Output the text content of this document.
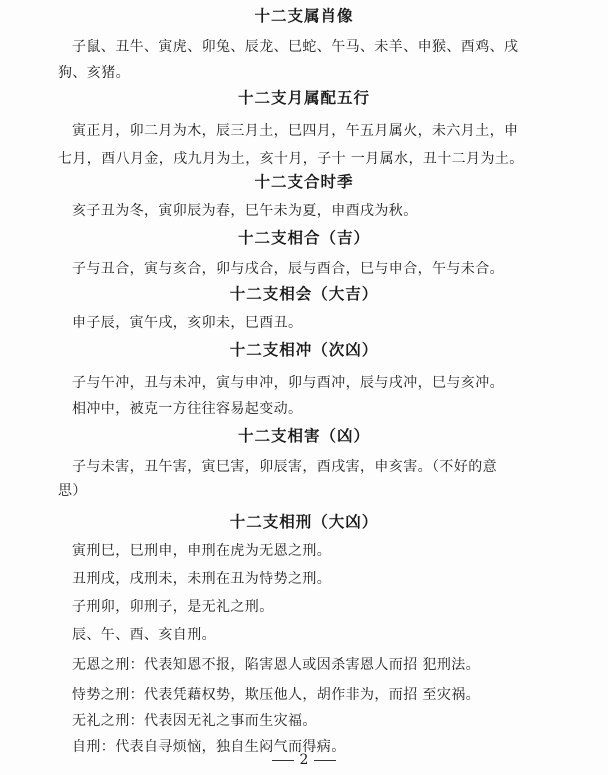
十二支属肖像
子鼠、丑牛、寅虎、卯兔、辰龙、巳蛇、午马、未羊、申猴、酉鸡、戌
狗、亥猪。
十二支月属配五行
寅正月，卯二月为木，辰三月土，巳四月，午五月属火，未六月土，申
七月，酉八月金，戌九月为土，亥十月，子十 一月属水，丑十二月为土。
十二支合时季
亥子丑为冬，寅卯辰为春，巳午未为夏，申酉戌为秋。
十二支相合（吉）
子与丑合，寅与亥合，卯与戌合，辰与酉合，巳与申合，午与未合。
十二支相会（大吉）
申子辰，寅午戌，亥卯未，巳酉丑。
十二支相冲（次凶）
子与午冲，丑与未冲，寅与申冲，卯与酉冲，辰与戌冲，巳与亥冲。
相冲中，被克一方往往容易起变动。
十二支相害（凶）
子与未害，丑午害，寅巳害，卯辰害，酉戌害，申亥害。（不好的意
思）
十二支相刑（大凶）
寅刑巳，巳刑申，申刑在虎为无恩之刑。
丑刑戌，戌刑未，未刑在丑为恃势之刑。
子刑卯，卯刑子，是无礼之刑。
辰、午、酉、亥自刑。
无恩之刑：代表知恩不报，陷害恩人或因杀害恩人而招 犯刑法。
恃势之刑：代表凭藉权势，欺压他人，胡作非为，而招 至灾祸。
无礼之刑：代表因无礼之事而生灾福。
自刑：代表自寻烦恼，独自生闷气而得病。
2
